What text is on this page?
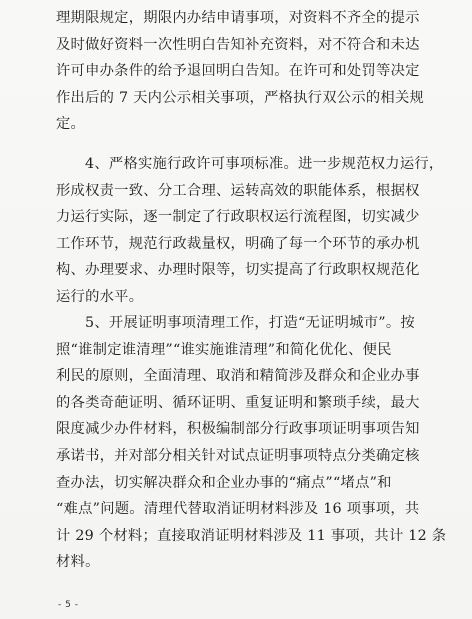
理期限规定，期限内办结申请事项，对资料不齐全的提示
及时做好资料一次性明白告知补充资料，对不符合和未达
许可申办条件的给予退回明白告知。在许可和处罚等决定
作出后的 7 天内公示相关事项，严格执行双公示的相关规
定。
4、严格实施行政许可事项标准。进一步规范权力运行，
形成权责一致、分工合理、运转高效的职能体系，根据权
力运行实际，逐一制定了行政职权运行流程图，切实减少
工作环节，规范行政裁量权，明确了每一个环节的承办机
构、办理要求、办理时限等，切实提高了行政职权规范化
运行的水平。
5、开展证明事项清理工作，打造“无证明城市”。按
照“谁制定谁清理”“谁实施谁清理”和简化优化、便民
利民的原则，全面清理、取消和精简涉及群众和企业办事
的各类奇葩证明、循环证明、重复证明和繁琐手续，最大
限度减少办件材料，积极编制部分行政事项证明事项告知
承诺书，并对部分相关针对试点证明事项特点分类确定核
查办法，切实解决群众和企业办事的“痛点”“堵点”和
“难点”问题。清理代替取消证明材料涉及 16 项事项，共
计 29 个材料；直接取消证明材料涉及 11 事项，共计 12 条
材料。
- 5 -
